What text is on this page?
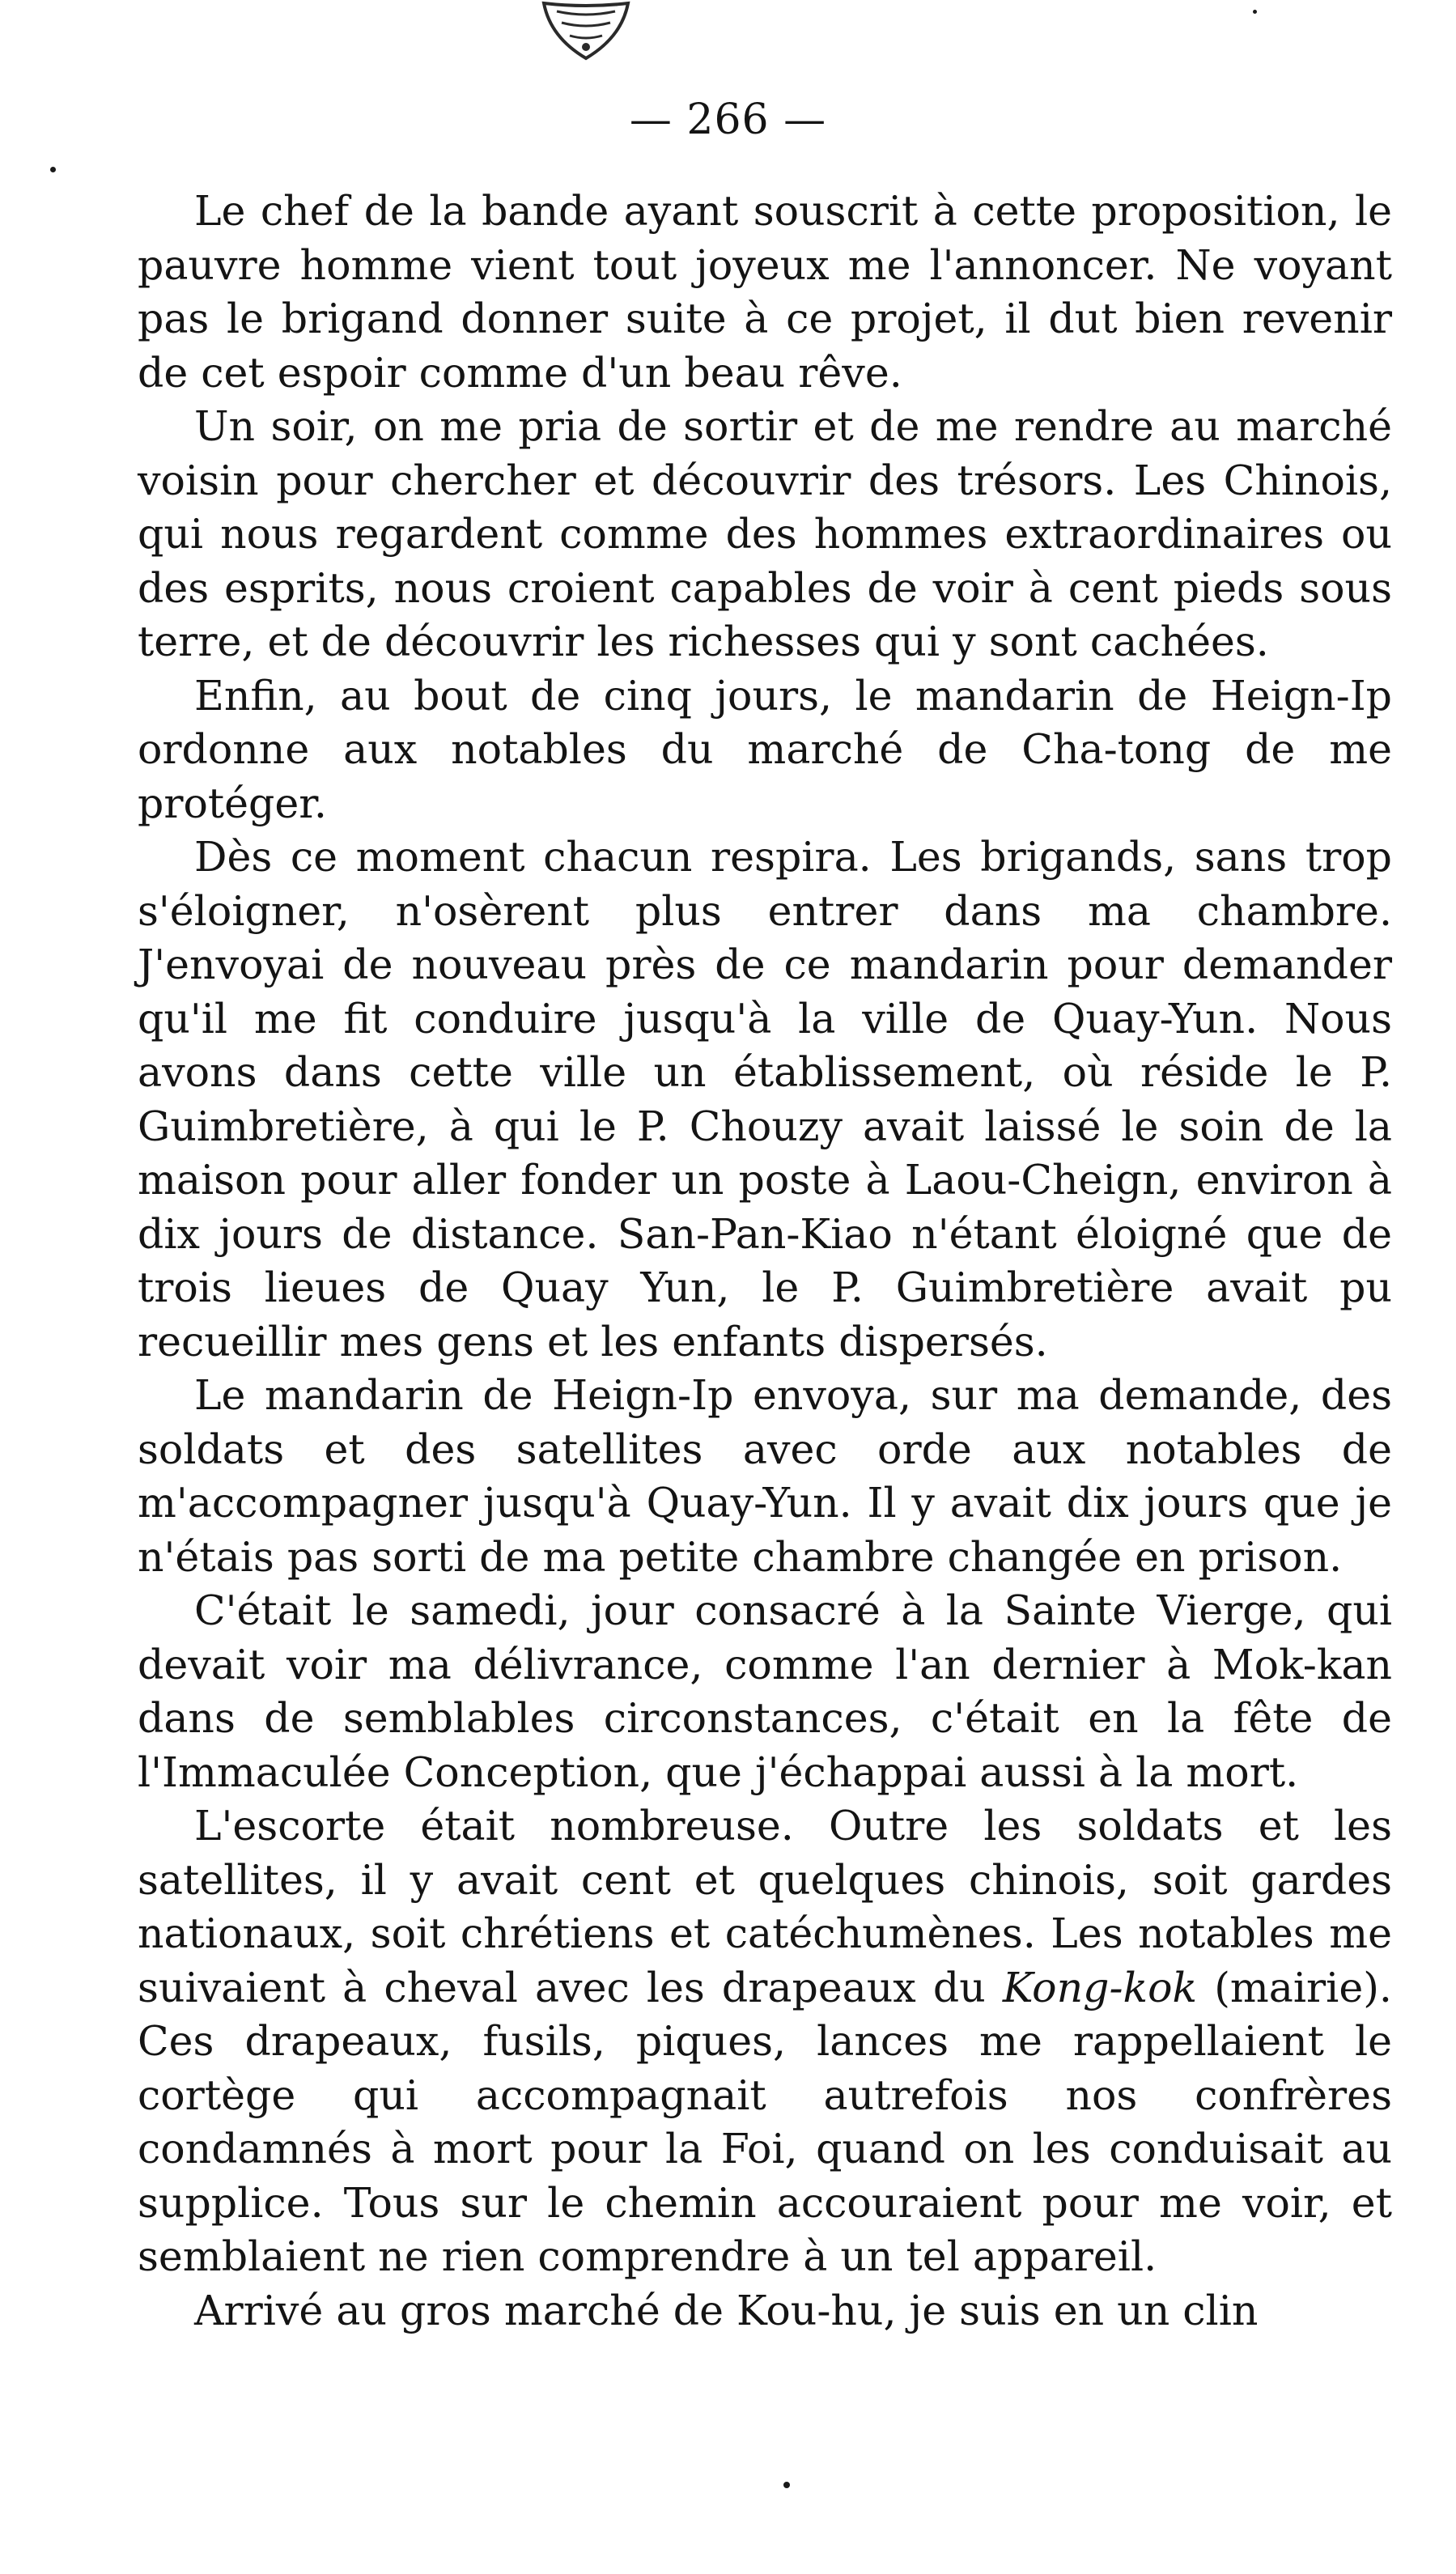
— 266 —

Le chef de la bande ayant souscrit à cette proposition, le pauvre homme vient tout joyeux me l'annoncer. Ne voyant pas le brigand donner suite à ce projet, il dut bien revenir de cet espoir comme d'un beau rêve.

Un soir, on me pria de sortir et de me rendre au marché voisin pour chercher et découvrir des trésors. Les Chinois, qui nous regardent comme des hommes extraordinaires ou des esprits, nous croient capables de voir à cent pieds sous terre, et de découvrir les richesses qui y sont cachées.

Enfin, au bout de cinq jours, le mandarin de Heign-Ip ordonne aux notables du marché de Cha-tong de me protéger.

Dès ce moment chacun respira. Les brigands, sans trop s'éloigner, n'osèrent plus entrer dans ma chambre. J'envoyai de nouveau près de ce mandarin pour demander qu'il me fit conduire jusqu'à la ville de Quay-Yun. Nous avons dans cette ville un établissement, où réside le P. Guimbretière, à qui le P. Chouzy avait laissé le soin de la maison pour aller fonder un poste à Laou-Cheign, environ à dix jours de distance. San-Pan-Kiao n'étant éloigné que de trois lieues de Quay Yun, le P. Guimbretière avait pu recueillir mes gens et les enfants dispersés.

Le mandarin de Heign-Ip envoya, sur ma demande, des soldats et des satellites avec orde aux notables de m'accompagner jusqu'à Quay-Yun. Il y avait dix jours que je n'étais pas sorti de ma petite chambre changée en prison.

C'était le samedi, jour consacré à la Sainte Vierge, qui devait voir ma délivrance, comme l'an dernier à Mok-kan dans de semblables circonstances, c'était en la fête de l'Immaculée Conception, que j'échappai aussi à la mort.

L'escorte était nombreuse. Outre les soldats et les satellites, il y avait cent et quelques chinois, soit gardes nationaux, soit chrétiens et catéchumènes. Les notables me suivaient à cheval avec les drapeaux du Kong-kok (mairie). Ces drapeaux, fusils, piques, lances me rappellaient le cortège qui accompagnait autrefois nos confrères condamnés à mort pour la Foi, quand on les conduisait au supplice. Tous sur le chemin accouraient pour me voir, et semblaient ne rien comprendre à un tel appareil.

Arrivé au gros marché de Kou-hu, je suis en un clin
